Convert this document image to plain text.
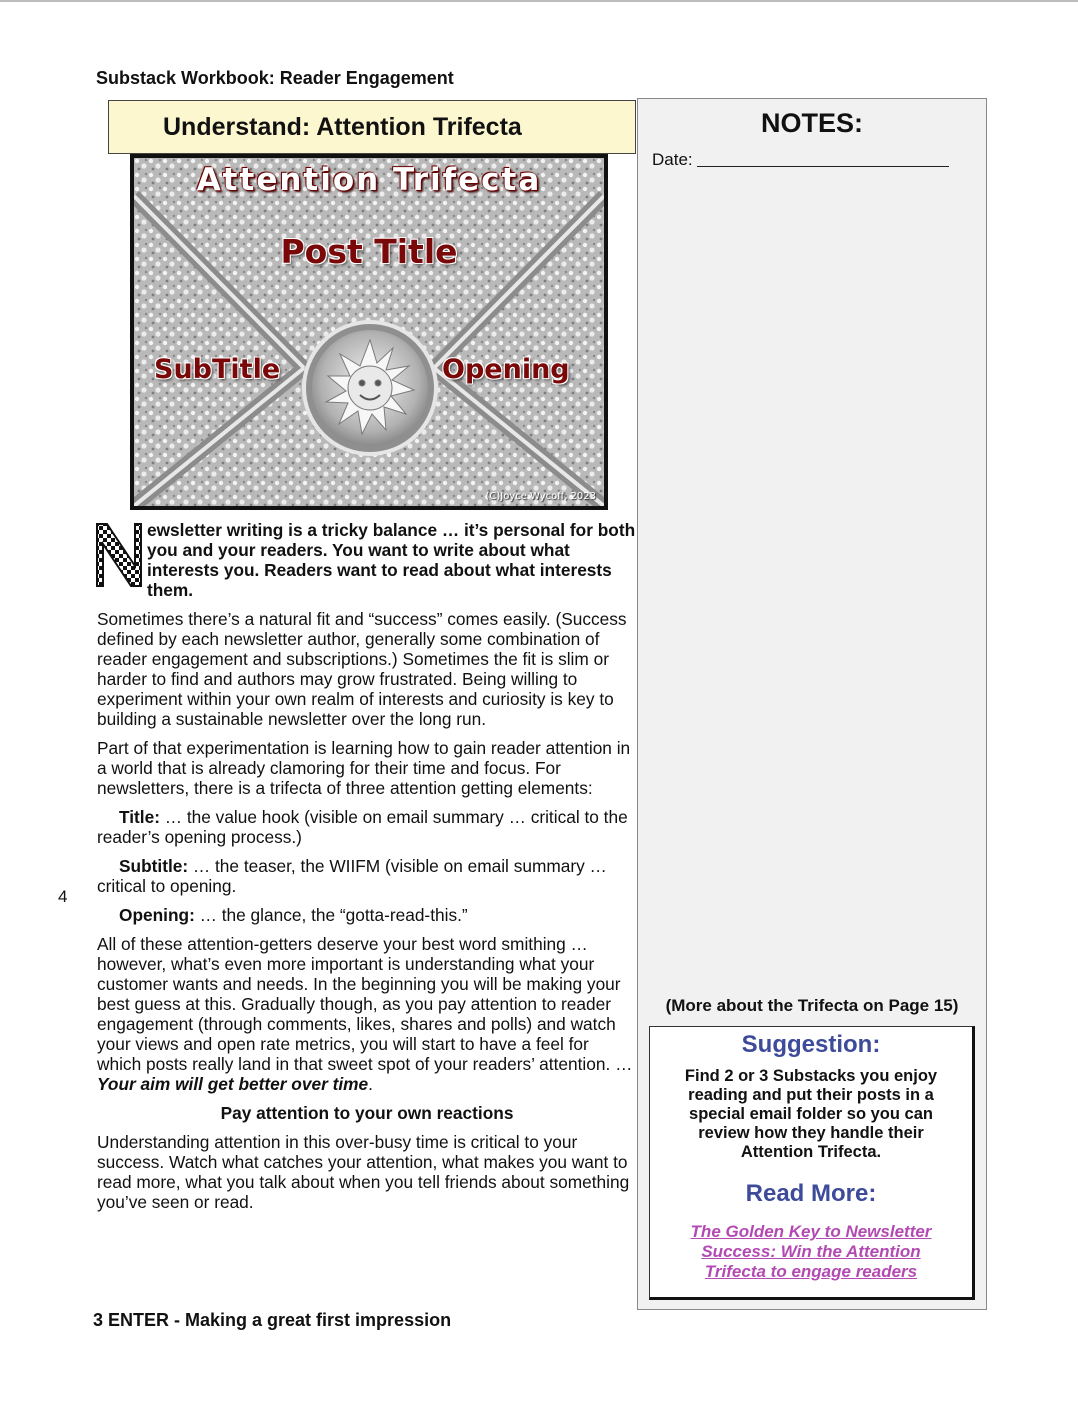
Substack Workbook: Reader Engagement
Understand: Attention Trifecta
Attention Trifecta
Post Title
SubTitle	Opening
(C)Joyce Wycoff, 2023

ewsletter writing is a tricky balance … it’s personal for both you and your readers. You want to write about what interests you. Readers want to read about what interests them.

Sometimes there’s a natural fit and “success” comes easily. (Success defined by each newsletter author, generally some combination of reader engagement and subscriptions.) Sometimes the fit is slim or harder to find and authors may grow frustrated. Being willing to experiment within your own realm of interests and curiosity is key to building a sustainable newsletter over the long run.

Part of that experimentation is learning how to gain reader attention in a world that is already clamoring for their time and focus. For newsletters, there is a trifecta of three attention getting elements:

Title: … the value hook (visible on email summary … critical to the reader’s opening process.)

Subtitle: … the teaser, the WIIFM (visible on email summary … critical to opening.

Opening: … the glance, the “gotta-read-this.”

All of these attention-getters deserve your best word smithing … however, what’s even more important is understanding what your customer wants and needs. In the beginning you will be making your best guess at this. Gradually though, as you pay attention to reader engagement (through comments, likes, shares and polls) and watch your views and open rate metrics, you will start to have a feel for which posts really land in that sweet spot of your readers’ attention. … Your aim will get better over time.

Pay attention to your own reactions

Understanding attention in this over-busy time is critical to your success. Watch what catches your attention, what makes you want to read more, what you talk about when you tell friends about something you’ve seen or read.

4
3 ENTER - Making a great first impression
NOTES:
Date:
(More about the Trifecta on Page 15)
Suggestion:
Find 2 or 3 Substacks you enjoy reading and put their posts in a special email folder so you can review how they handle their Attention Trifecta.
Read More:
The Golden Key to Newsletter Success: Win the Attention Trifecta to engage readers
